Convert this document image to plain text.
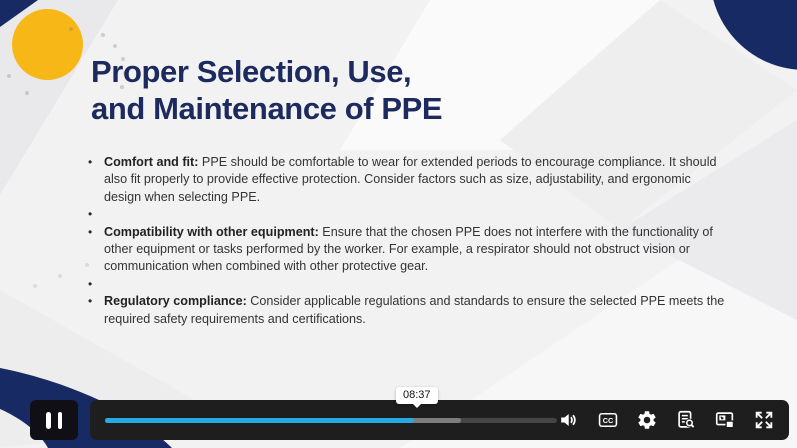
Proper Selection, Use,
and Maintenance of PPE
• Comfort and fit: PPE should be comfortable to wear for extended periods to encourage compliance. It should also fit properly to provide effective protection. Consider factors such as size, adjustability, and ergonomic design when selecting PPE.
•
• Compatibility with other equipment: Ensure that the chosen PPE does not interfere with the functionality of other equipment or tasks performed by the worker. For example, a respirator should not obstruct vision or communication when combined with other protective gear.
•
• Regulatory compliance: Consider applicable regulations and standards to ensure the selected PPE meets the required safety requirements and certifications.
08:37
CC
